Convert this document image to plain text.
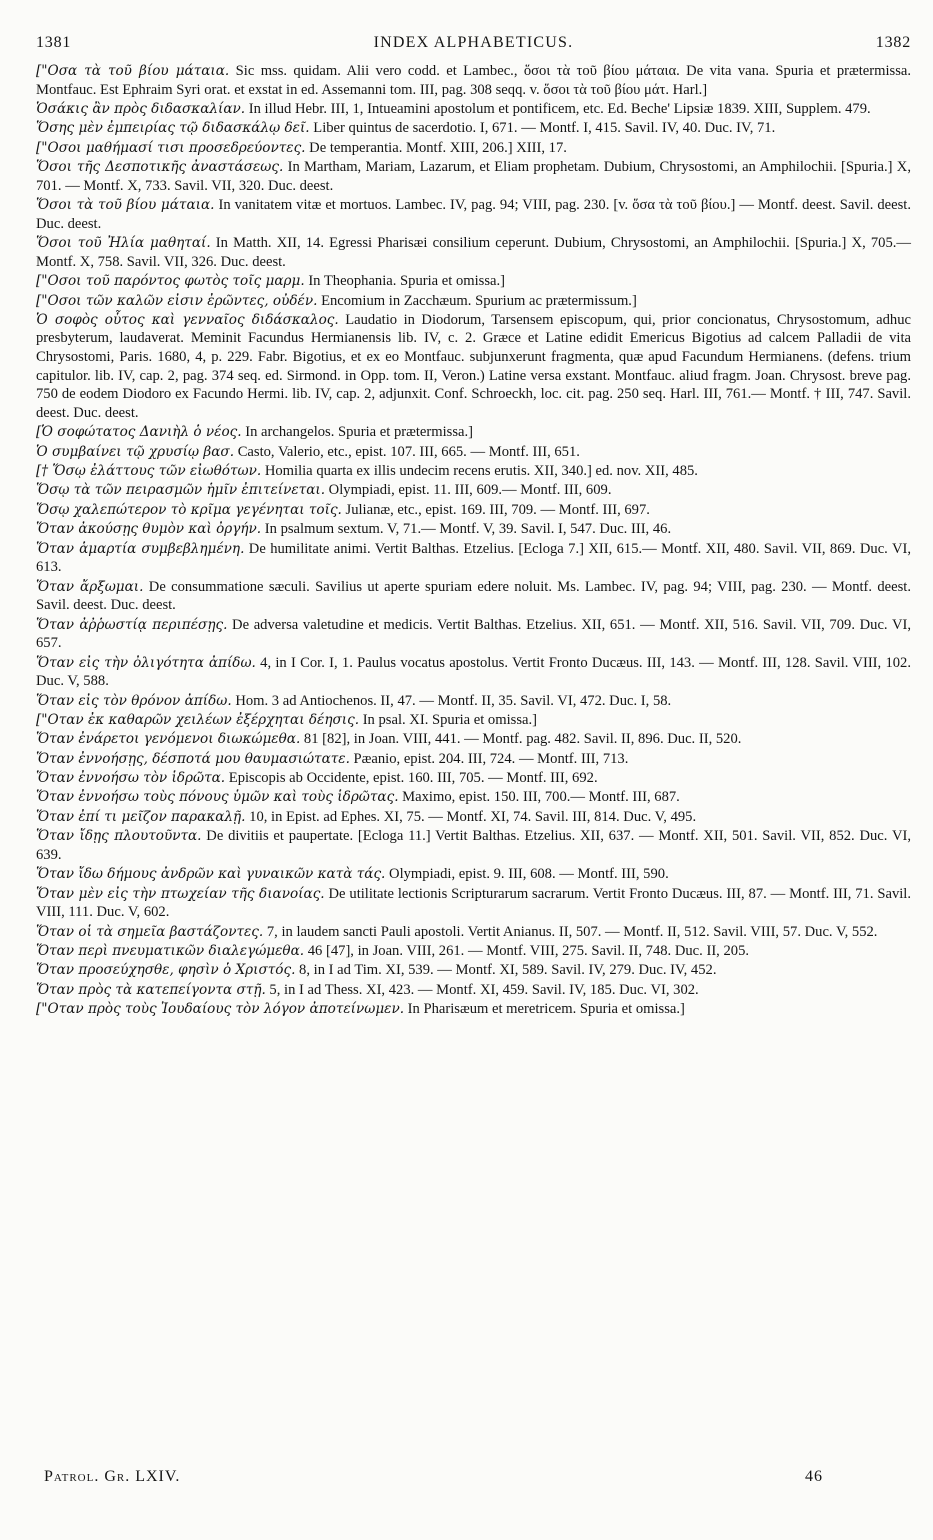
1381	INDEX ALPHABETICUS.	1382

["Οσα τὰ τοῦ βίου μάταια. Sic mss. quidam. Alii vero codd. et Lambec., ὅσοι τὰ τοῦ βίου μάταια. De vita vana. Spuria et prætermissa. Montfauc. Est Ephraim Syri orat. et exstat in ed. Assemanni tom. III, pag. 308 seqq. v. ὅσοι τὰ τοῦ βίου μάτ. Harl.]

Ὁσάκις ἂν πρὸς διδασκαλίαν. In illud Hebr. III, 1, Intueamini apostolum et pontificem, etc. Ed. Beche' Lipsiæ 1839. XIII, Supplem. 479.

Ὅσης μὲν ἐμπειρίας τῷ διδασκάλῳ δεῖ. Liber quintus de sacerdotio. I, 671. — Montf. I, 415. Savil. IV, 40. Duc. IV, 71.

["Οσοι μαθήμασί τισι προσεδρεύοντες. De temperantia. Montf. XIII, 206.] XIII, 17.

Ὅσοι τῆς Δεσποτικῆς ἀναστάσεως. In Martham, Mariam, Lazarum, et Eliam prophetam. Dubium, Chrysostomi, an Amphilochii. [Spuria.] X, 701. — Montf. X, 733. Savil. VII, 320. Duc. deest.

Ὅσοι τὰ τοῦ βίου μάταια. In vanitatem vitæ et mortuos. Lambec. IV, pag. 94; VIII, pag. 230. [v. ὅσα τὰ τοῦ βίου.] — Montf. deest. Savil. deest. Duc. deest.

Ὅσοι τοῦ Ἠλία μαθηταί. In Matth. XII, 14. Egressi Pharisæi consilium ceperunt. Dubium, Chrysostomi, an Amphilochii. [Spuria.] X, 705.— Montf. X, 758. Savil. VII, 326. Duc. deest.

["Οσοι τοῦ παρόντος φωτὸς τοῖς μαρμ. In Theophania. Spuria et omissa.]

["Οσοι τῶν καλῶν εἰσιν ἐρῶντες, οὐδέν. Encomium in Zacchæum. Spurium ac prætermissum.]

Ὁ σοφὸς οὗτος καὶ γενναῖος διδάσκαλος. Laudatio in Diodorum, Tarsensem episcopum, qui, prior concionatus, Chrysostomum, adhuc presbyterum, laudaverat. Meminit Facundus Hermianensis lib. IV, c. 2. Græce et Latine edidit Emericus Bigotius ad calcem Palladii de vita Chrysostomi, Paris. 1680, 4, p. 229. Fabr. Bigotius, et ex eo Montfauc. subjunxerunt fragmenta, quæ apud Facundum Hermianens. (defens. trium capitulor. lib. IV, cap. 2, pag. 374 seq. ed. Sirmond. in Opp. tom. II, Veron.) Latine versa exstant. Montfauc. aliud fragm. Joan. Chrysost. breve pag. 750 de eodem Diodoro ex Facundo Hermi. lib. IV, cap. 2, adjunxit. Conf. Schroeckh, loc. cit. pag. 250 seq. Harl. III, 761.— Montf. † III, 747. Savil. deest. Duc. deest.

[Ὁ σοφώτατος Δανιὴλ ὁ νέος. In archangelos. Spuria et prætermissa.]

Ὁ συμβαίνει τῷ χρυσίῳ βασ. Casto, Valerio, etc., epist. 107. III, 665. — Montf. III, 651.

[† Ὅσῳ ἐλάττους τῶν εἰωθότων. Homilia quarta ex illis undecim recens erutis. XII, 340.] ed. nov. XII, 485.

Ὅσῳ τὰ τῶν πειρασμῶν ἡμῖν ἐπιτείνεται. Olympiadi, epist. 11. III, 609.— Montf. III, 609.

Ὅσῳ χαλεπώτερον τὸ κρῖμα γεγένηται τοῖς. Julianæ, etc., epist. 169. III, 709. — Montf. III, 697.

Ὅταν ἀκούσῃς θυμὸν καὶ ὀργήν. In psalmum sextum. V, 71.— Montf. V, 39. Savil. I, 547. Duc. III, 46.

Ὅταν ἁμαρτία συμβεβλημένη. De humilitate animi. Vertit Balthas. Etzelius. [Ecloga 7.] XII, 615.— Montf. XII, 480. Savil. VII, 869. Duc. VI, 613.

Ὅταν ἄρξωμαι. De consummatione sæculi. Savilius ut aperte spuriam edere noluit. Ms. Lambec. IV, pag. 94; VIII, pag. 230. — Montf. deest. Savil. deest. Duc. deest.

Ὅταν ἀῤῥωστίᾳ περιπέσῃς. De adversa valetudine et medicis. Vertit Balthas. Etzelius. XII, 651. — Montf. XII, 516. Savil. VII, 709. Duc. VI, 657.

Ὅταν εἰς τὴν ὀλιγότητα ἀπίδω. 4, in I Cor. I, 1. Paulus vocatus apostolus. Vertit Fronto Ducæus. III, 143. — Montf. III, 128. Savil. VIII, 102. Duc. V, 588.

Ὅταν εἰς τὸν θρόνον ἀπίδω. Hom. 3 ad Antiochenos. II, 47. — Montf. II, 35. Savil. VI, 472. Duc. I, 58.

["Οταν ἐκ καθαρῶν χειλέων ἐξέρχηται δέησις. In psal. XI. Spuria et omissa.]

Ὅταν ἐνάρετοι γενόμενοι διωκώμεθα. 81 [82], in Joan. VIII, 441. — Montf. pag. 482. Savil. II, 896. Duc. II, 520.

Ὅταν ἐννοήσῃς, δέσποτά μου θαυμασιώτατε. Pæanio, epist. 204. III, 724. — Montf. III, 713.

Ὅταν ἐννοήσω τὸν ἱδρῶτα. Episcopis ab Occidente, epist. 160. III, 705. — Montf. III, 692.

Ὅταν ἐννοήσω τοὺς πόνους ὑμῶν καὶ τοὺς ἱδρῶτας. Maximo, epist. 150. III, 700.— Montf. III, 687.

Ὅταν ἐπί τι μεῖζον παρακαλῇ. 10, in Epist. ad Ephes. XI, 75. — Montf. XI, 74. Savil. III, 814. Duc. V, 495.

Ὅταν ἴδῃς πλουτοῦντα. De divitiis et paupertate. [Ecloga 11.] Vertit Balthas. Etzelius. XII, 637. — Montf. XII, 501. Savil. VII, 852. Duc. VI, 639.

Ὅταν ἴδω δήμους ἀνδρῶν καὶ γυναικῶν κατὰ τάς. Olympiadi, epist. 9. III, 608. — Montf. III, 590.

Ὅταν μὲν εἰς τὴν πτωχείαν τῆς διανοίας. De utilitate lectionis Scripturarum sacrarum. Vertit Fronto Ducæus. III, 87. — Montf. III, 71. Savil. VIII, 111. Duc. V, 602.

Ὅταν οἱ τὰ σημεῖα βαστάζοντες. 7, in laudem sancti Pauli apostoli. Vertit Anianus. II, 507. — Montf. II, 512. Savil. VIII, 57. Duc. V, 552.

Ὅταν περὶ πνευματικῶν διαλεγώμεθα. 46 [47], in Joan. VIII, 261. — Montf. VIII, 275. Savil. II, 748. Duc. II, 205.

Ὅταν προσεύχησθε, φησὶν ὁ Χριστός. 8, in I ad Tim. XI, 539. — Montf. XI, 589. Savil. IV, 279. Duc. IV, 452.

Ὅταν πρὸς τὰ κατεπείγοντα στῇ. 5, in I ad Thess. XI, 423. — Montf. XI, 459. Savil. IV, 185. Duc. VI, 302.

["Οταν πρὸς τοὺς Ἰουδαίους τὸν λόγον ἀποτείνωμεν. In Pharisæum et meretricem. Spuria et omissa.]

Patrol. Gr. LXIV.	46
